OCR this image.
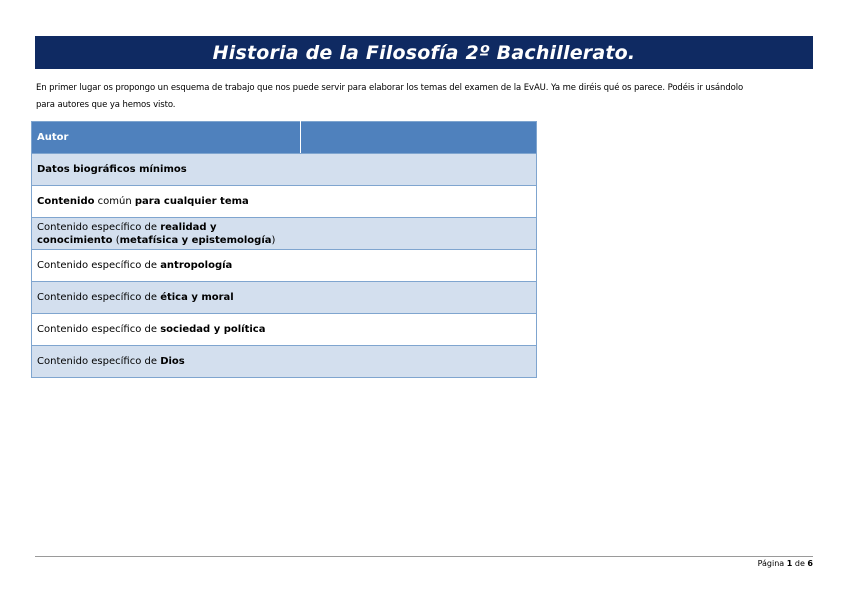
Historia de la Filosofía 2º Bachillerato.

En primer lugar os propongo un esquema de trabajo que nos puede servir para elaborar los temas del examen de la EvAU. Ya me diréis qué os parece. Podéis ir usándolo

para autores que ya hemos visto.

Autor	
Datos biográficos mínimos	
Contenido común para cualquier tema	

Contenido específico de realidad y
conocimiento (metafísica y epistemología)	

Contenido específico de antropología	
Contenido específico de ética y moral	
Contenido específico de sociedad y política	
Contenido específico de Dios	
Página 1 de 6
